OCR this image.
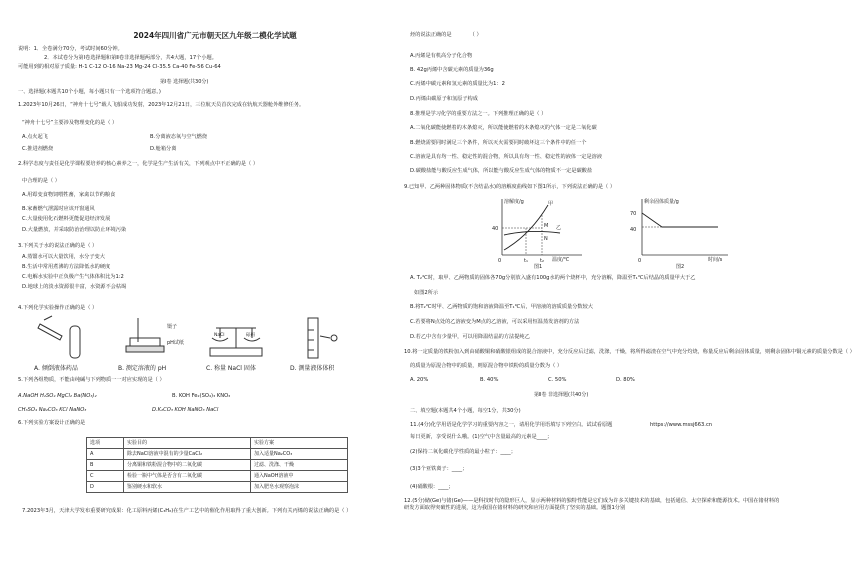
2024年四川省广元市朝天区九年级二模化学试题
说明：1．全卷满分70分，考试时间60分钟。
2．本试卷分为第Ⅰ卷选择题和第Ⅱ卷非选择题两部分，共4大题，17个小题。
可能用到的相对原子质量: H-1 C-12 O-16 Na-23 Mg-24 Cl-35.5 Ca-40 Fe-56 Cu-64
第Ⅰ卷 选择题(共30分)
一、选择题(本题共10个小题，每小题只有一个选项符合题意。)
1.2023年10月26日，“神舟十七号”载人飞船成功发射，2023年12月21日，三位航天员首次完成在轨航天器舱外维修任务。
“神舟十七号”主要涉及物理变化的是（ ）
A.点火起飞	B.分离液态氧与空气燃烧
C.推进剂燃烧	D.舱箱分离
2.科学态度与责任是化学课程要培养的核心素养之一，化学是生产生活有关，下列观点中不正确的是（ ）
中合理的是（ ）
A.用霉变食物饲喂牲畜，家禽以节约粮食
B.家畜燃气泄露时应该开窗通风
C.大量使用化石燃料更能促进经济发展
D.大量燃放，并采取防治治理以防止环境污染
3.下列关于水的说法正确的是（ ）
A.蒸馏水可以大量饮用，水分子变大
B.生活中常用煮沸的方法降低水的硬度
C.电解水实验中正负极产生气体体积比为1:2
D.地球上的淡水资源很丰富，水资源不会枯竭
4.下列化学实验操作正确的是（ ）
镊子
pH试纸
NaCl	砝码
A. 倾倒液体药品	B. 测定溶液的 pH	C. 称量 NaCl 固体	D. 测量液体体积
5.下列各组物质，不能由纯碱与下列物质一一对应实现的是（ ）
A.NaOH H₂SO₄ MgCl₂ Ba(NO₃)₂	B. KOH Fe₂(SO₄)₃ KNO₃
CH₃SO₄ Na₂CO₃ KCl NaNO₃	D.K₂CO₃ KOH NaNO₃ NaCl
6.下列实验方案设计正确的是
选项	实验目的	实验方案
A	除去NaCl溶液中混有的少量CaCl₂	加入适量Na₂CO₃
B	分离铜和铁粉混合物中的二氧化碳	过滤、洗涤、干燥
C	检验一瓶中气体是否含有二氧化碳	通入NaOH溶液中
D	鉴别硬水和软水	加入肥皂水观察泡沫
7.2023年3月，天津大学发布重要研究成果：化工原料丙烯(C₃H₆)在生产工艺中的催化作用取得了重大创新。下列有关丙烯的说法正确的是（ ）
烃的说法正确的是　　　　（ ）
A.丙烯是有机高分子化合物
B. 42g丙烯中含碳元素的质量为36g
C.丙烯中碳元素和氢元素的质量比为1：2
D.丙烯由碳原子和氢原子构成
8.推理是学习化学的重要方法之一。下列推理正确的是（ ）
A.二氧化碳能使燃着的木条熄灭，所以能使燃着的木条熄灭的气体一定是二氧化碳
B.燃烧需要同时满足三个条件，所以灭火需要同时破坏这三个条件中的任一个
C.溶液是具有均一性、稳定性的混合物，所以具有均一性、稳定性的液体一定是溶液
D.碳酸盐能与酸反应生成气体，所以能与酸反应生成气体的物质不一定是碳酸盐
9.已知甲、乙两种固体物质(不含结晶水)的溶解度曲线如下图1所示，下列说法正确的是（ ）
溶解度/g
温度/℃
40
0	t₁ t₂
甲
乙
M
N
图1
剩余固体质量/g
时间/s
70
40
0
图2
A. T₂℃时，取甲、乙两物质的固体各70g分别放入盛有100g水的两个烧杯中，充分溶解，降温至T₁℃后结晶的质量甲大于乙
如图2所示
B.将T₂℃时甲、乙两物质的饱和溶液降温至T₁℃后，甲溶液的溶质质量分数较大
C.若要将N点处的乙溶液变为M点的乙溶液，可以采用恒温蒸发溶剂的方法
D.若乙中含有少量甲，可以用降温结晶的方法提纯乙
10.将一定质量的铁粉加入到由硝酸铜和硝酸银组成的混合溶液中，充分反应后过滤，洗涤，干燥，将所得滤渣在空气中充分灼烧，称量反应后剩余固体质量，则剩余固体中铜元素的质量分数是（ ）
的质量为原混合物中的质量，则原混合物中铁粉的质量分数为（ ）
A. 20%	B. 40%	C. 50%	D. 80%
第Ⅱ卷 非选择题(共40分)
二、填空题(本题共4个小题，每空1分，共30分)
11.(4分)化学用语是化学学习的重要内容之一，请用化学用语填写下列空白。试试看原题	https://www.mssj663.cn
每日更新，享受说什么哦。(1)空气中含量最高的元素是____；
(2)保持二氧化碳化学性质的最小粒子：____；
(3)3个亚铁离子：____；
(4)硝酸根：____；
12.(5分)储(Ge)与锗(Ge)——是科技时代的隐形巨人，显示两种材料的独特性能是它们成为许多关键技术的基础，包括通信、太空探索和能源技术。中国在锗材料的研发方面取得突破性的进展，这为我国在锗材料的研究和应用方面提供了坚实的基础。题图1分别
